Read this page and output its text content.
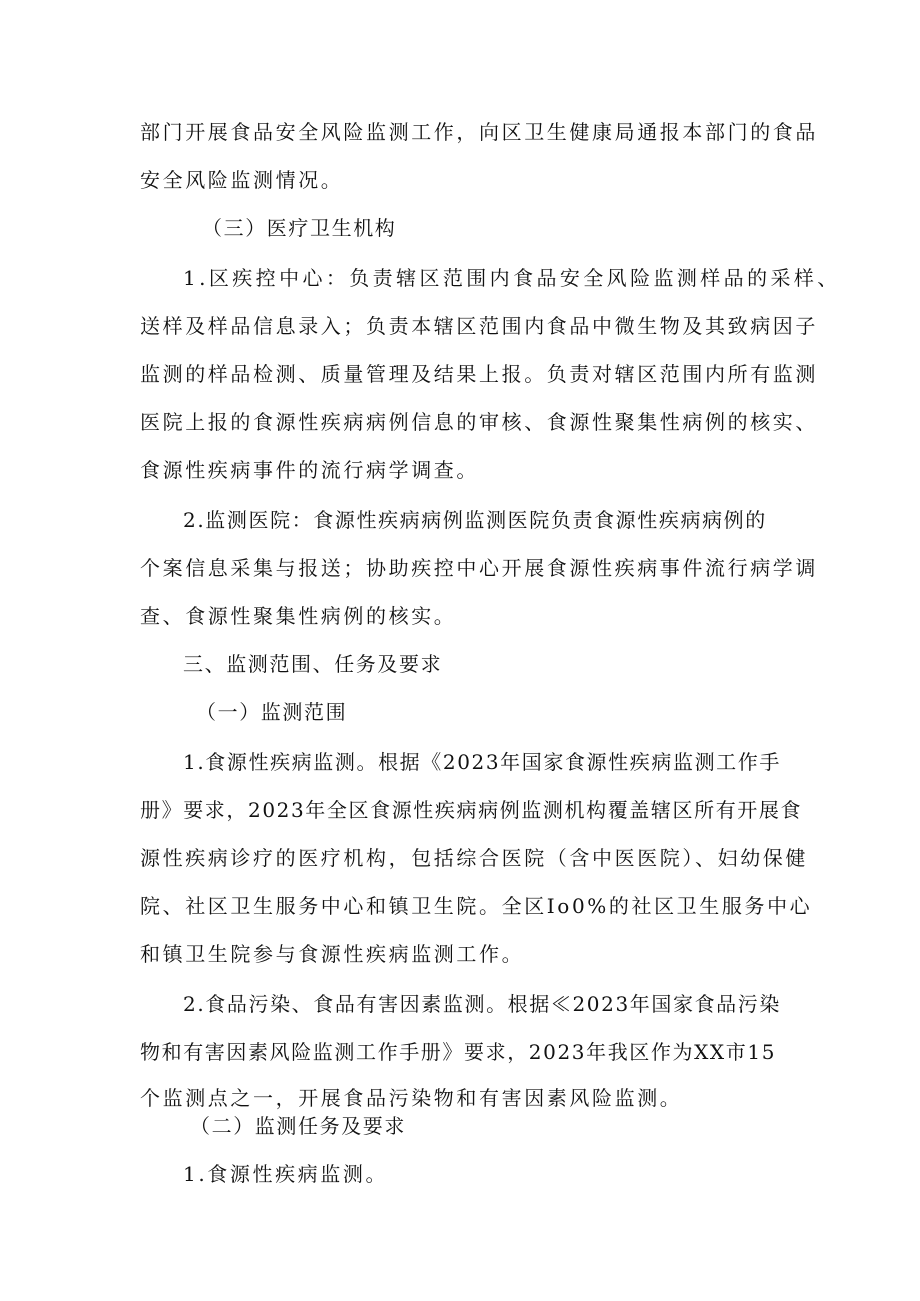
部门开展食品安全风险监测工作，向区卫生健康局通报本部门的食品
安全风险监测情况。
（三）医疗卫生机构
1.区疾控中心：负责辖区范围内食品安全风险监测样品的采样、
送样及样品信息录入；负责本辖区范围内食品中微生物及其致病因子
监测的样品检测、质量管理及结果上报。负责对辖区范围内所有监测
医院上报的食源性疾病病例信息的审核、食源性聚集性病例的核实、
食源性疾病事件的流行病学调查。
2.监测医院：食源性疾病病例监测医院负责食源性疾病病例的
个案信息采集与报送；协助疾控中心开展食源性疾病事件流行病学调
查、食源性聚集性病例的核实。
三、监测范围、任务及要求
（一）监测范围
1.食源性疾病监测。根据《2023年国家食源性疾病监测工作手
册》要求，2023年全区食源性疾病病例监测机构覆盖辖区所有开展食
源性疾病诊疗的医疗机构，包括综合医院（含中医医院）、妇幼保健
院、社区卫生服务中心和镇卫生院。全区Io0%的社区卫生服务中心
和镇卫生院参与食源性疾病监测工作。
2.食品污染、食品有害因素监测。根据≪2023年国家食品污染
物和有害因素风险监测工作手册》要求，2023年我区作为XX市15
个监测点之一，开展食品污染物和有害因素风险监测。
（二）监测任务及要求
1.食源性疾病监测。
